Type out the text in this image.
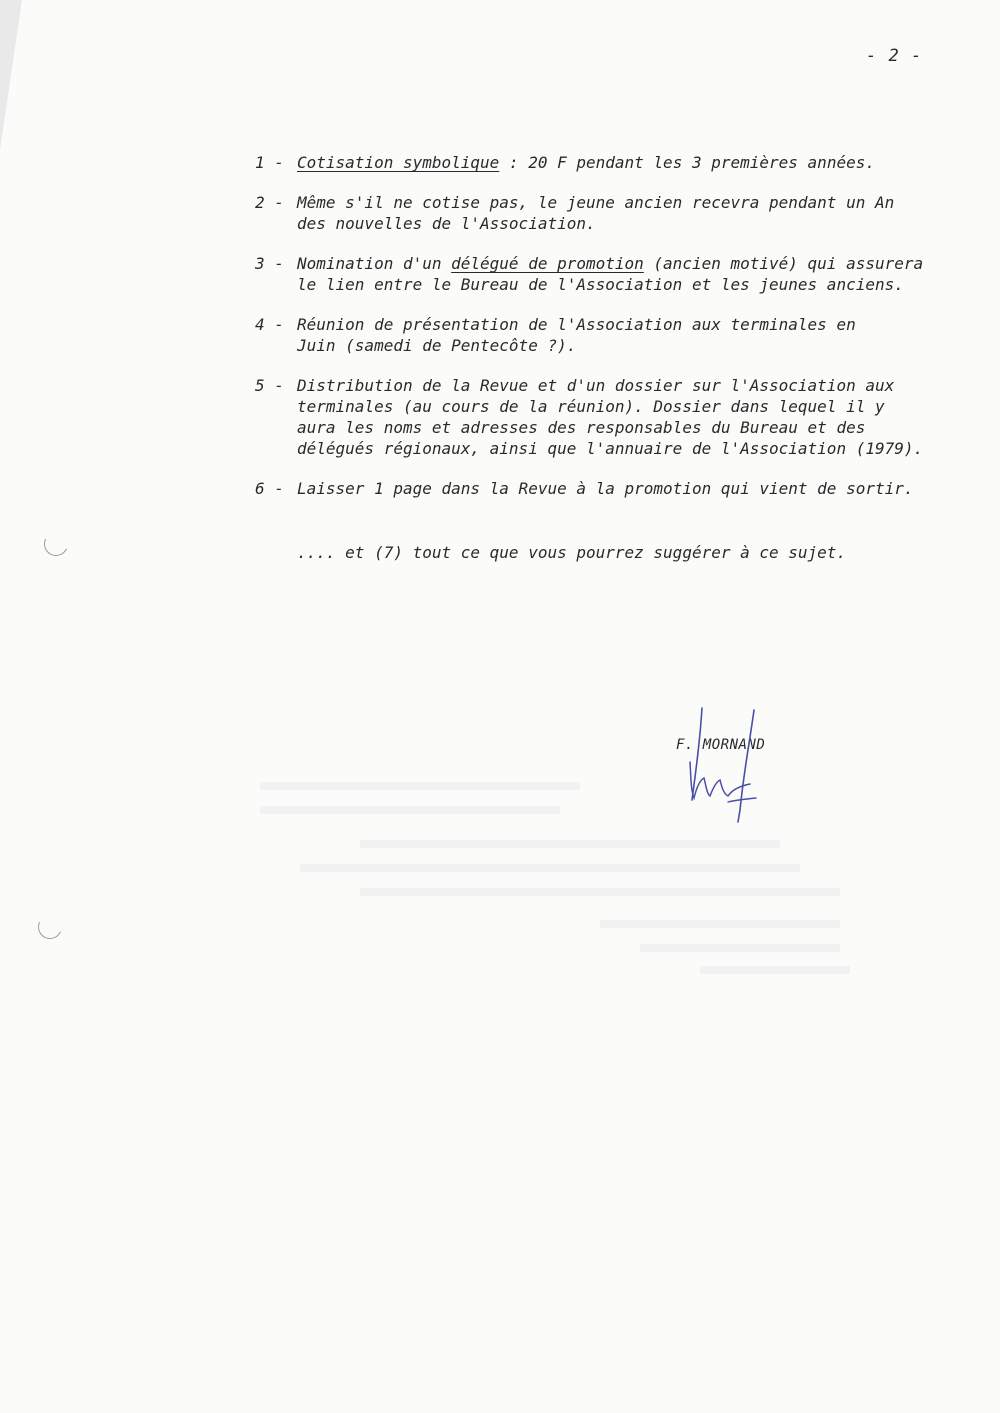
- 2 -
1 - Cotisation symbolique : 20 F pendant les 3 premières années.
2 - Même s'il ne cotise pas, le jeune ancien recevra pendant un An
des nouvelles de l'Association.
3 - Nomination d'un délégué de promotion (ancien motivé) qui assurera
le lien entre le Bureau de l'Association et les jeunes anciens.
4 - Réunion de présentation de l'Association aux terminales en
Juin (samedi de Pentecôte ?).
5 - Distribution de la Revue et d'un dossier sur l'Association aux
terminales (au cours de la réunion). Dossier dans lequel il y
aura les noms et adresses des responsables du Bureau et des
délégués régionaux, ainsi que l'annuaire de l'Association (1979).
6 - Laisser 1 page dans la Revue à la promotion qui vient de sortir.
.... et (7) tout ce que vous pourrez suggérer à ce sujet.
F. MORNAND
